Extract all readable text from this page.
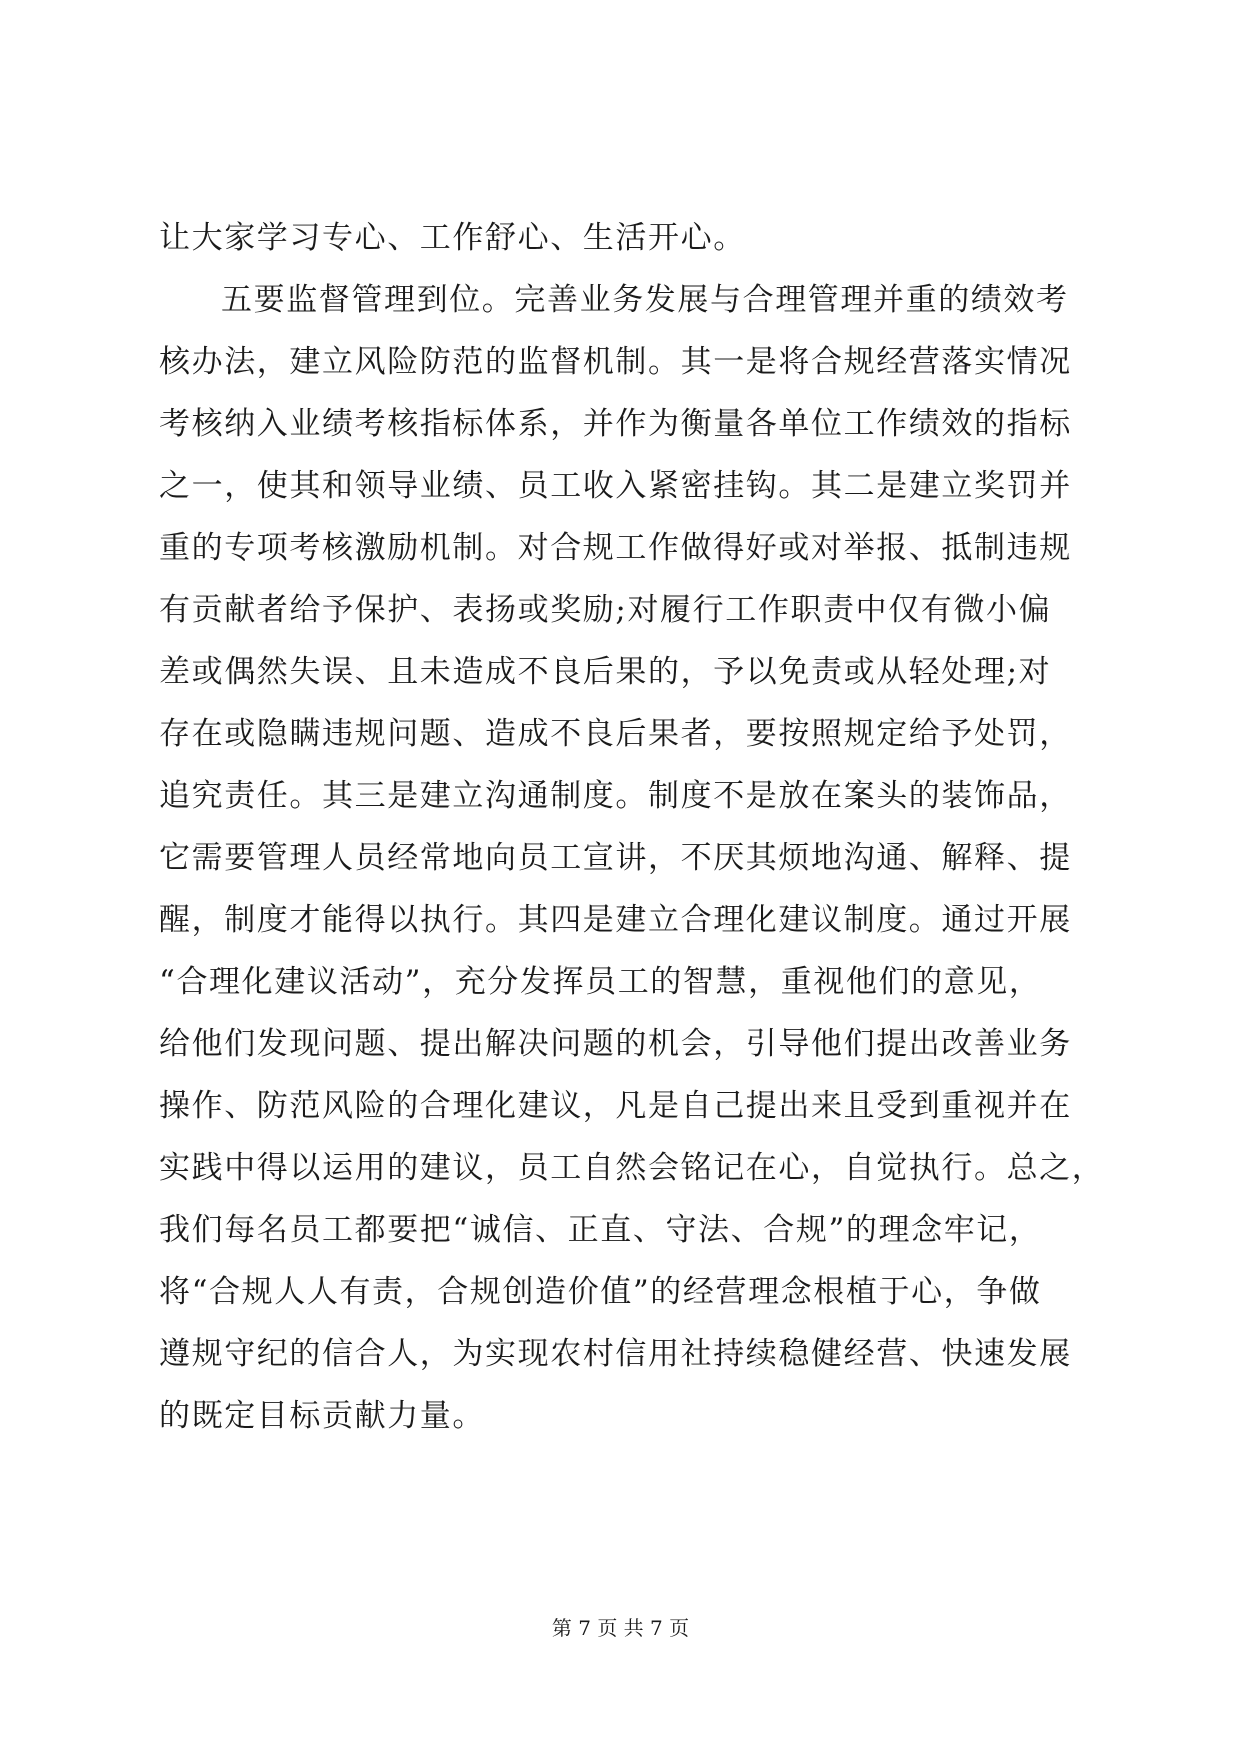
让大家学习专心、工作舒心、生活开心。
五要监督管理到位。完善业务发展与合理管理并重的绩效考
核办法，建立风险防范的监督机制。其一是将合规经营落实情况
考核纳入业绩考核指标体系，并作为衡量各单位工作绩效的指标
之一，使其和领导业绩、员工收入紧密挂钩。其二是建立奖罚并
重的专项考核激励机制。对合规工作做得好或对举报、抵制违规
有贡献者给予保护、表扬或奖励;对履行工作职责中仅有微小偏
差或偶然失误、且未造成不良后果的，予以免责或从轻处理;对
存在或隐瞒违规问题、造成不良后果者，要按照规定给予处罚，
追究责任。其三是建立沟通制度。制度不是放在案头的装饰品，
它需要管理人员经常地向员工宣讲，不厌其烦地沟通、解释、提
醒，制度才能得以执行。其四是建立合理化建议制度。通过开展
“合理化建议活动”，充分发挥员工的智慧，重视他们的意见，
给他们发现问题、提出解决问题的机会，引导他们提出改善业务
操作、防范风险的合理化建议，凡是自己提出来且受到重视并在
实践中得以运用的建议，员工自然会铭记在心，自觉执行。总之，
我们每名员工都要把“诚信、正直、守法、合规”的理念牢记，
将“合规人人有责，合规创造价值”的经营理念根植于心，争做
遵规守纪的信合人，为实现农村信用社持续稳健经营、快速发展
的既定目标贡献力量。
第 7 页 共 7 页
